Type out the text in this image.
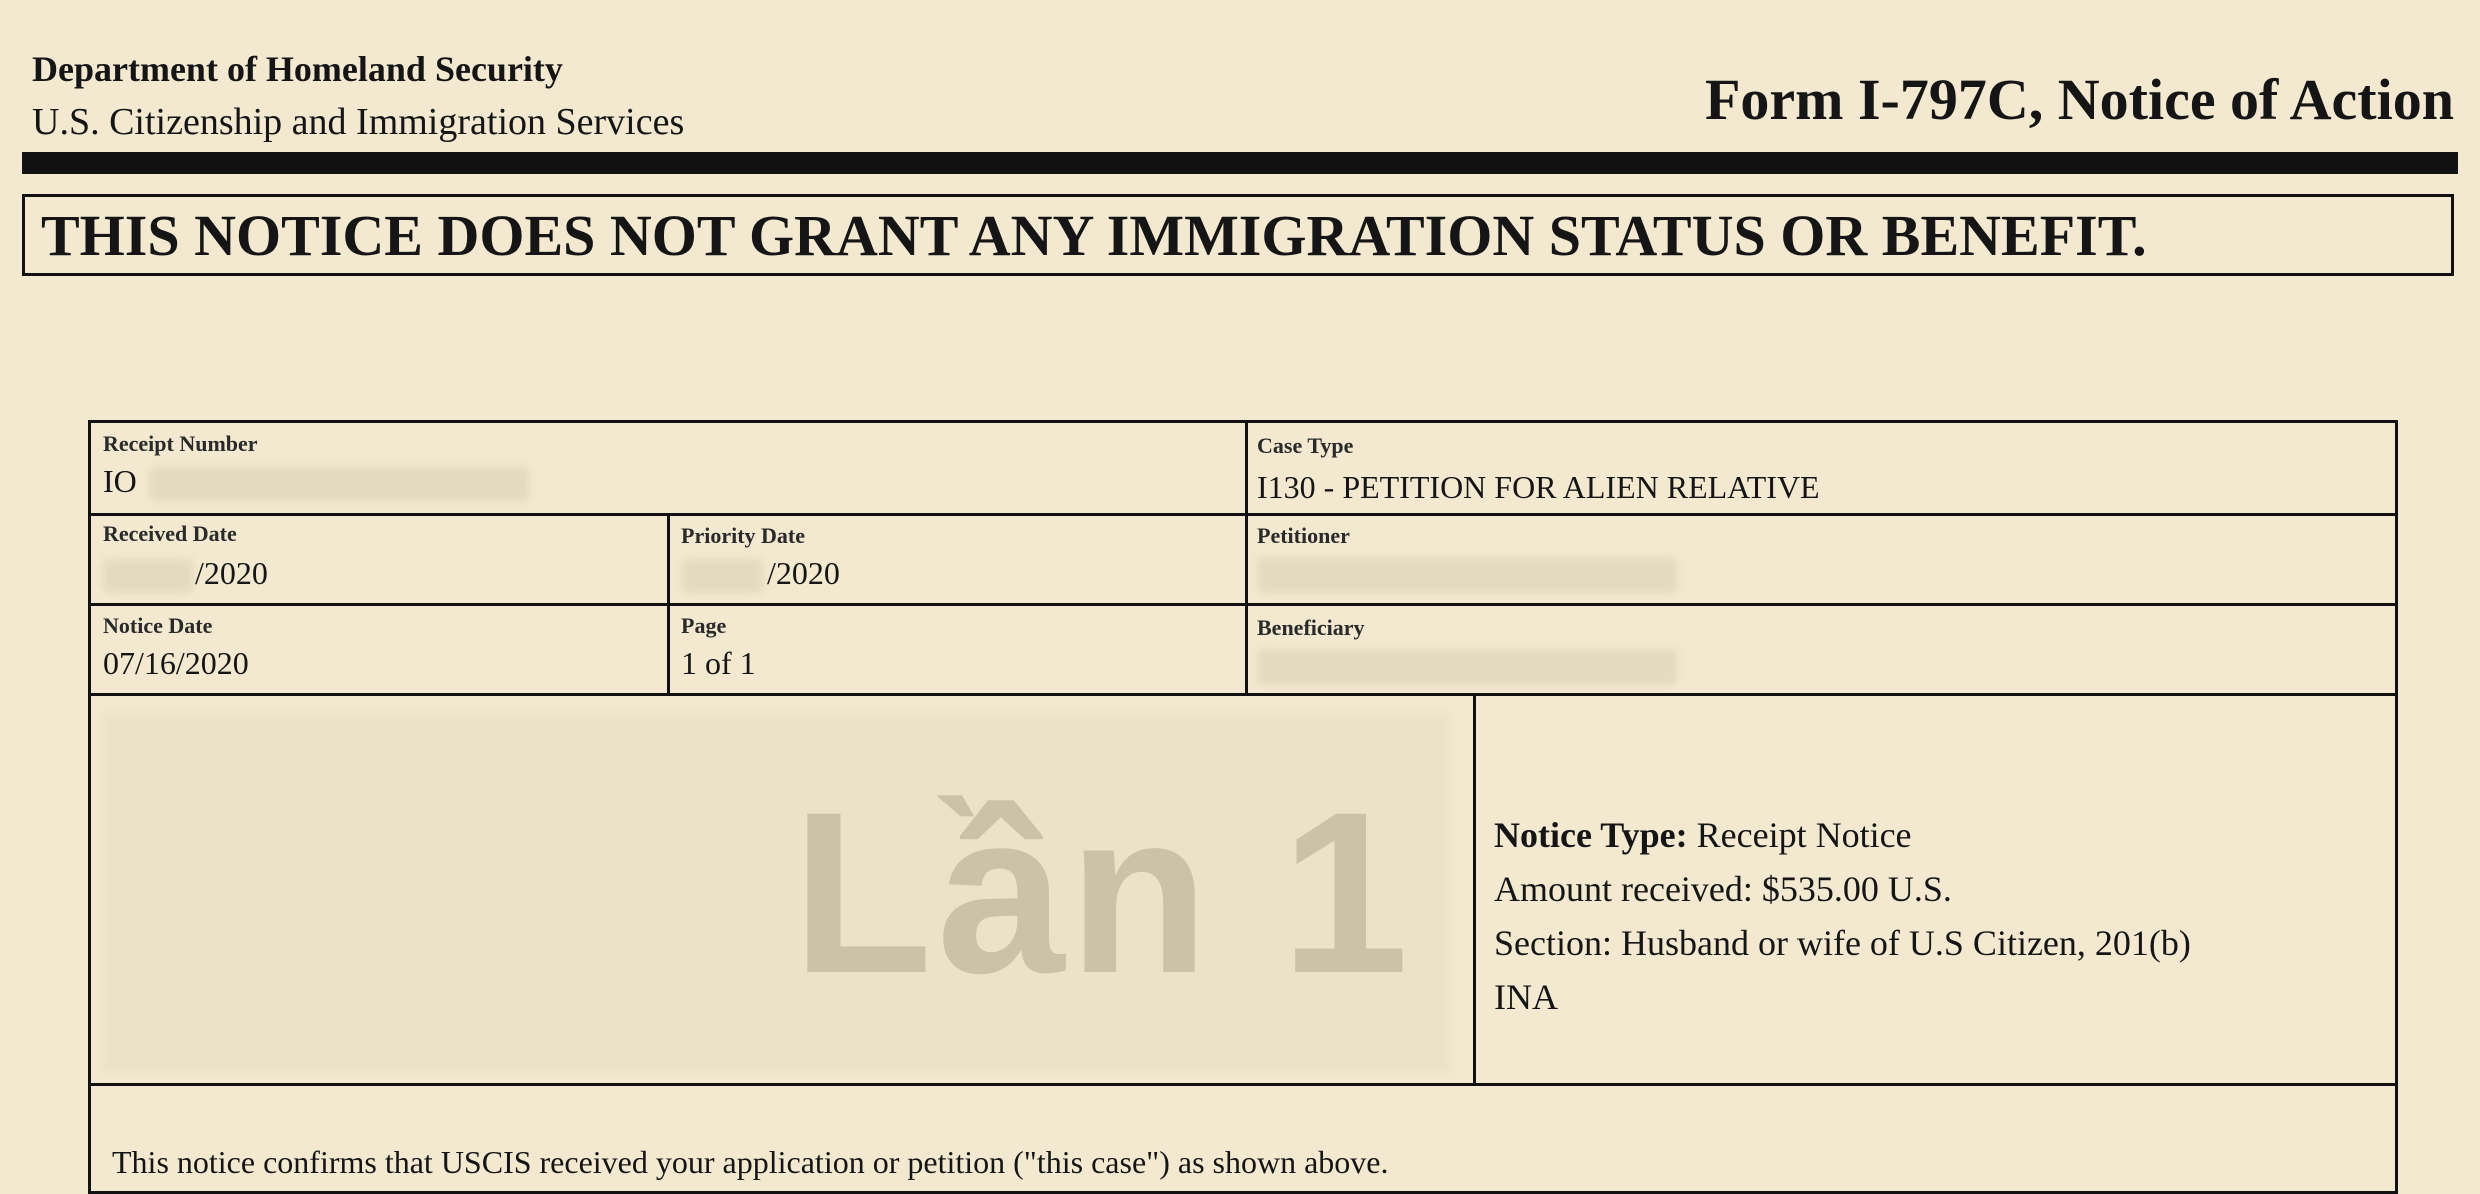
Department of Homeland Security
U.S. Citizenship and Immigration Services	Form I-797C, Notice of Action
THIS NOTICE DOES NOT GRANT ANY IMMIGRATION STATUS OR BENEFIT.
Receipt Number
IO
Case Type
I130 - PETITION FOR ALIEN RELATIVE
Received Date
/2020
Priority Date
/2020
Petitioner
Notice Date
07/16/2020
Page
1 of 1
Beneficiary
Lần 1 Notice Type: Receipt Notice
Amount received: $535.00 U.S.
Section: Husband or wife of U.S Citizen, 201(b)
INA
This notice confirms that USCIS received your application or petition ("this case") as shown above.
